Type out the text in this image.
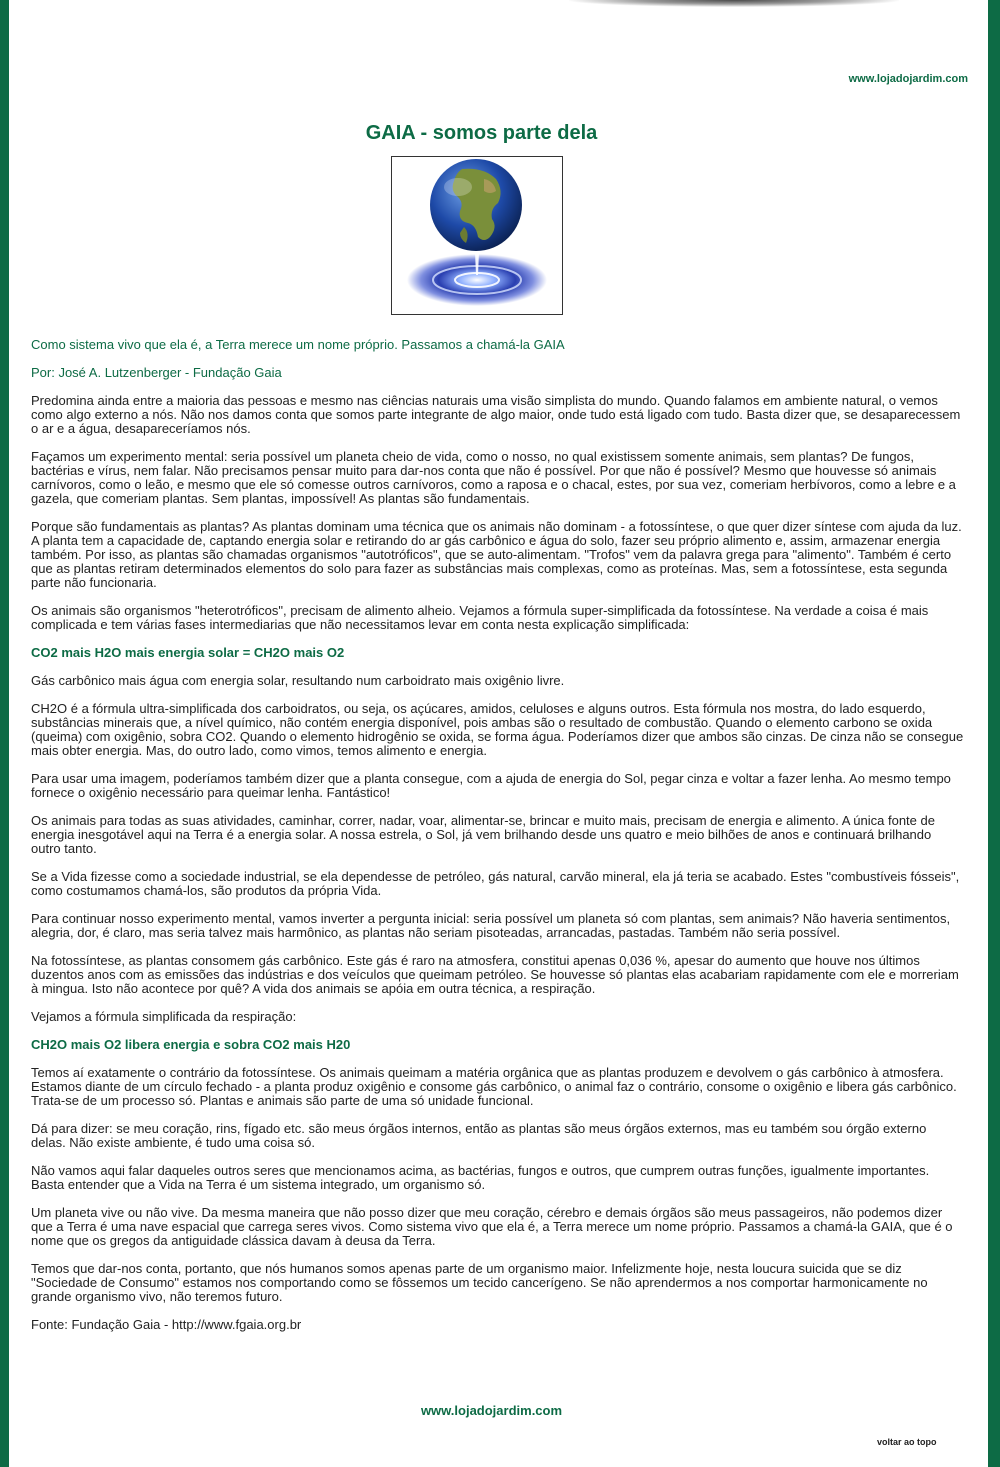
www.lojadojardim.com
GAIA - somos parte dela

Como sistema vivo que ela é, a Terra merece um nome próprio. Passamos a chamá-la GAIA

Por: José A. Lutzenberger - Fundação Gaia

Predomina ainda entre a maioria das pessoas e mesmo nas ciências naturais uma visão simplista do mundo. Quando falamos em ambiente natural, o vemos como algo externo a nós. Não nos damos conta que somos parte integrante de algo maior, onde tudo está ligado com tudo. Basta dizer que, se desaparecessem o ar e a água, desapareceríamos nós.

Façamos um experimento mental: seria possível um planeta cheio de vida, como o nosso, no qual existissem somente animais, sem plantas? De fungos, bactérias e vírus, nem falar. Não precisamos pensar muito para dar-nos conta que não é possível. Por que não é possível? Mesmo que houvesse só animais carnívoros, como o leão, e mesmo que ele só comesse outros carnívoros, como a raposa e o chacal, estes, por sua vez, comeriam herbívoros, como a lebre e a gazela, que comeriam plantas. Sem plantas, impossível! As plantas são fundamentais.

Porque são fundamentais as plantas? As plantas dominam uma técnica que os animais não dominam - a fotossíntese, o que quer dizer síntese com ajuda da luz. A planta tem a capacidade de, captando energia solar e retirando do ar gás carbônico e água do solo, fazer seu próprio alimento e, assim, armazenar energia também. Por isso, as plantas são chamadas organismos "autotróficos", que se auto-alimentam. "Trofos" vem da palavra grega para "alimento". Também é certo que as plantas retiram determinados elementos do solo para fazer as substâncias mais complexas, como as proteínas. Mas, sem a fotossíntese, esta segunda parte não funcionaria.

Os animais são organismos "heterotróficos", precisam de alimento alheio. Vejamos a fórmula super-simplificada da fotossíntese. Na verdade a coisa é mais complicada e tem várias fases intermediarias que não necessitamos levar em conta nesta explicação simplificada:

CO2 mais H2O mais energia solar = CH2O mais O2

Gás carbônico mais água com energia solar, resultando num carboidrato mais oxigênio livre.

CH2O é a fórmula ultra-simplificada dos carboidratos, ou seja, os açúcares, amidos, celuloses e alguns outros. Esta fórmula nos mostra, do lado esquerdo, substâncias minerais que, a nível químico, não contém energia disponível, pois ambas são o resultado de combustão. Quando o elemento carbono se oxida (queima) com oxigênio, sobra CO2. Quando o elemento hidrogênio se oxida, se forma água. Poderíamos dizer que ambos são cinzas. De cinza não se consegue mais obter energia. Mas, do outro lado, como vimos, temos alimento e energia.

Para usar uma imagem, poderíamos também dizer que a planta consegue, com a ajuda de energia do Sol, pegar cinza e voltar a fazer lenha. Ao mesmo tempo fornece o oxigênio necessário para queimar lenha. Fantástico!

Os animais para todas as suas atividades, caminhar, correr, nadar, voar, alimentar-se, brincar e muito mais, precisam de energia e alimento. A única fonte de energia inesgotável aqui na Terra é a energia solar. A nossa estrela, o Sol, já vem brilhando desde uns quatro e meio bilhões de anos e continuará brilhando outro tanto.

Se a Vida fizesse como a sociedade industrial, se ela dependesse de petróleo, gás natural, carvão mineral, ela já teria se acabado. Estes "combustíveis fósseis", como costumamos chamá-los, são produtos da própria Vida.

Para continuar nosso experimento mental, vamos inverter a pergunta inicial: seria possível um planeta só com plantas, sem animais? Não haveria sentimentos, alegria, dor, é claro, mas seria talvez mais harmônico, as plantas não seriam pisoteadas, arrancadas, pastadas. Também não seria possível.

Na fotossíntese, as plantas consomem gás carbônico. Este gás é raro na atmosfera, constitui apenas 0,036 %, apesar do aumento que houve nos últimos duzentos anos com as emissões das indústrias e dos veículos que queimam petróleo. Se houvesse só plantas elas acabariam rapidamente com ele e morreriam à mingua. Isto não acontece por quê? A vida dos animais se apóia em outra técnica, a respiração.

Vejamos a fórmula simplificada da respiração:

CH2O mais O2 libera energia e sobra CO2 mais H20

Temos aí exatamente o contrário da fotossíntese. Os animais queimam a matéria orgânica que as plantas produzem e devolvem o gás carbônico à atmosfera. Estamos diante de um círculo fechado - a planta produz oxigênio e consome gás carbônico, o animal faz o contrário, consome o oxigênio e libera gás carbônico. Trata-se de um processo só. Plantas e animais são parte de uma só unidade funcional.

Dá para dizer: se meu coração, rins, fígado etc. são meus órgãos internos, então as plantas são meus órgãos externos, mas eu também sou órgão externo delas. Não existe ambiente, é tudo uma coisa só.

Não vamos aqui falar daqueles outros seres que mencionamos acima, as bactérias, fungos e outros, que cumprem outras funções, igualmente importantes. Basta entender que a Vida na Terra é um sistema integrado, um organismo só.

Um planeta vive ou não vive. Da mesma maneira que não posso dizer que meu coração, cérebro e demais órgãos são meus passageiros, não podemos dizer que a Terra é uma nave espacial que carrega seres vivos. Como sistema vivo que ela é, a Terra merece um nome próprio. Passamos a chamá-la GAIA, que é o nome que os gregos da antiguidade clássica davam à deusa da Terra.

Temos que dar-nos conta, portanto, que nós humanos somos apenas parte de um organismo maior. Infelizmente hoje, nesta loucura suicida que se diz "Sociedade de Consumo" estamos nos comportando como se fôssemos um tecido cancerígeno. Se não aprendermos a nos comportar harmonicamente no grande organismo vivo, não teremos futuro.

Fonte: Fundação Gaia - http://www.fgaia.org.br

www.lojadojardim.com
voltar ao topo
